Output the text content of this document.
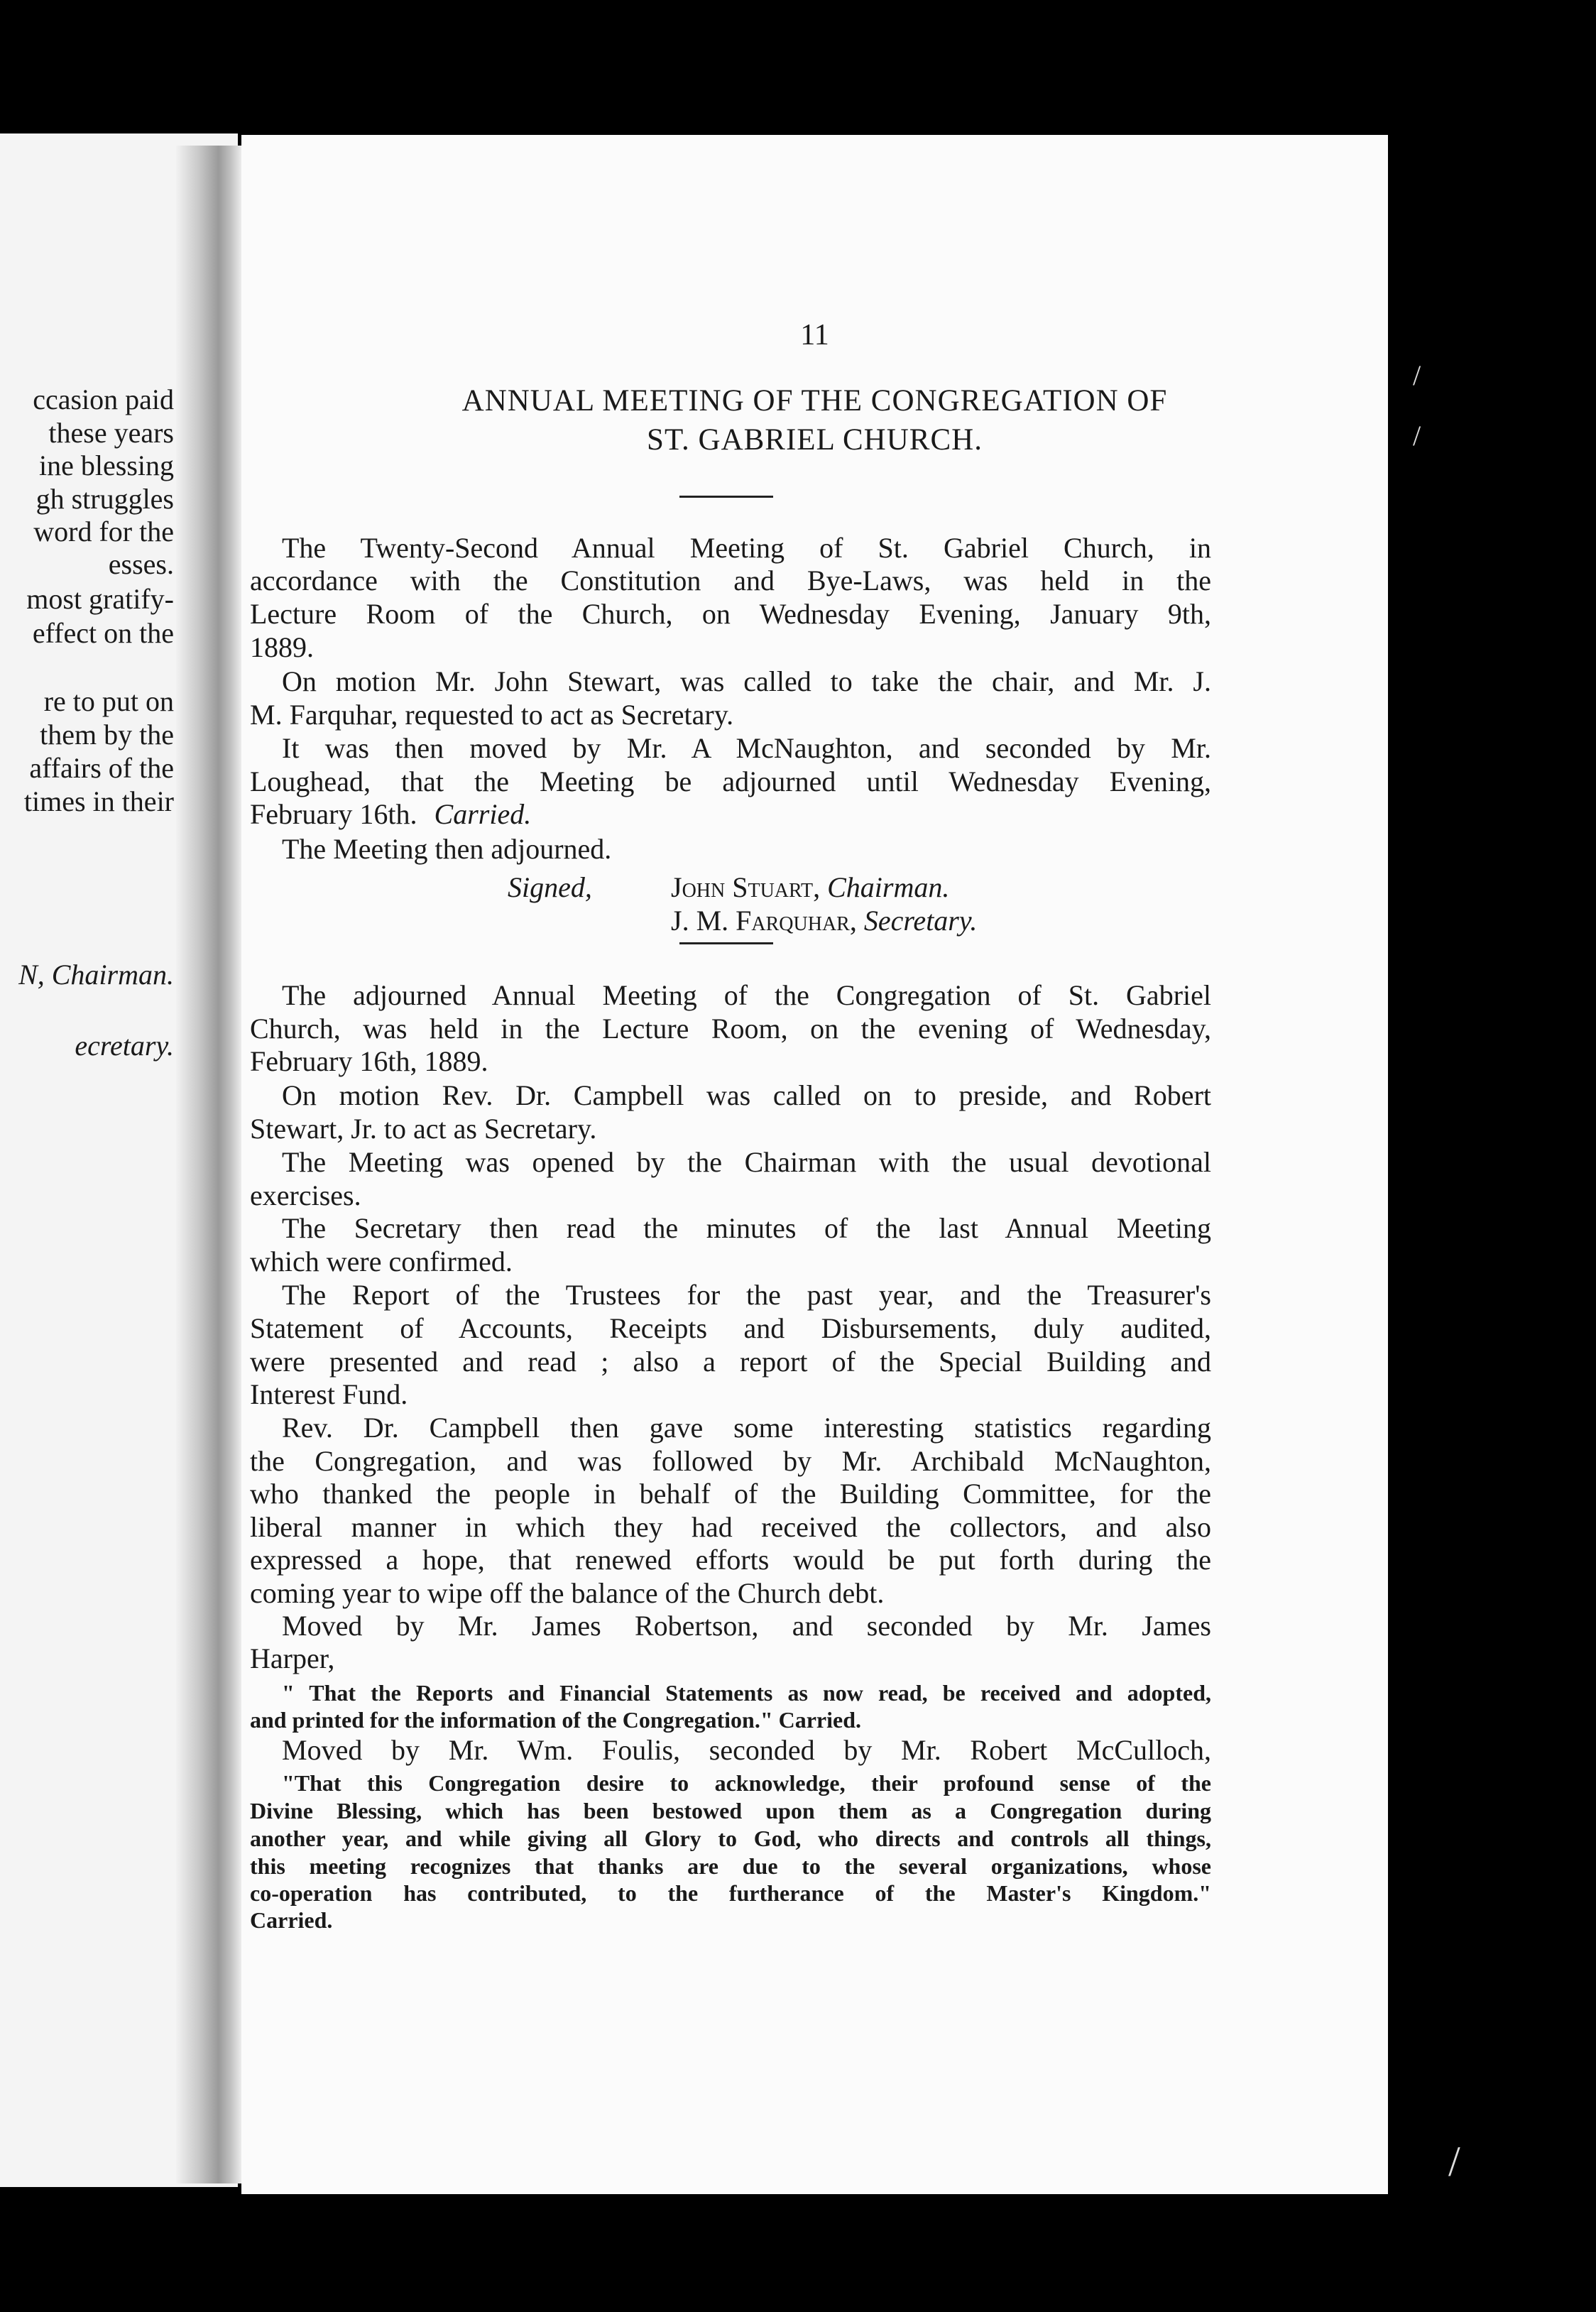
ccasion paid
these years
ine blessing
gh struggles
word for the
esses.
most gratify-
effect on the
re to put on
them by the
affairs of the
times in their
N, Chairman.
ecretary.
11
ANNUAL MEETING OF THE CONGREGATION OF
ST. GABRIEL CHURCH.
The Twenty-Second Annual Meeting of St. Gabriel Church, in
accordance with the Constitution and Bye-Laws, was held in the
Lecture Room of the Church, on Wednesday Evening, January 9th,
1889.
On motion Mr. John Stewart, was called to take the chair, and Mr. J.
M. Farquhar, requested to act as Secretary.
It was then moved by Mr. A McNaughton, and seconded by Mr.
Loughead, that the Meeting be adjourned until Wednesday Evening,
February 16th. Carried.
The Meeting then adjourned.
Signed,	John Stuart, Chairman.
J. M. Farquhar, Secretary.
The adjourned Annual Meeting of the Congregation of St. Gabriel
Church, was held in the Lecture Room, on the evening of Wednesday,
February 16th, 1889.
On motion Rev. Dr. Campbell was called on to preside, and Robert
Stewart, Jr. to act as Secretary.
The Meeting was opened by the Chairman with the usual devotional
exercises.
The Secretary then read the minutes of the last Annual Meeting
which were confirmed.
The Report of the Trustees for the past year, and the Treasurer's
Statement of Accounts, Receipts and Disbursements, duly audited,
were presented and read ; also a report of the Special Building and
Interest Fund.
Rev. Dr. Campbell then gave some interesting statistics regarding
the Congregation, and was followed by Mr. Archibald McNaughton,
who thanked the people in behalf of the Building Committee, for the
liberal manner in which they had received the collectors, and also
expressed a hope, that renewed efforts would be put forth during the
coming year to wipe off the balance of the Church debt.
Moved by Mr. James Robertson, and seconded by Mr. James
Harper,
" That the Reports and Financial Statements as now read, be received and adopted,
and printed for the information of the Congregation." Carried.
Moved by Mr. Wm. Foulis, seconded by Mr. Robert McCulloch,
"That this Congregation desire to acknowledge, their profound sense of the
Divine Blessing, which has been bestowed upon them as a Congregation during
another year, and while giving all Glory to God, who directs and controls all things,
this meeting recognizes that thanks are due to the several organizations, whose
co-operation has contributed, to the furtherance of the Master's Kingdom."
Carried.
/
/
/
